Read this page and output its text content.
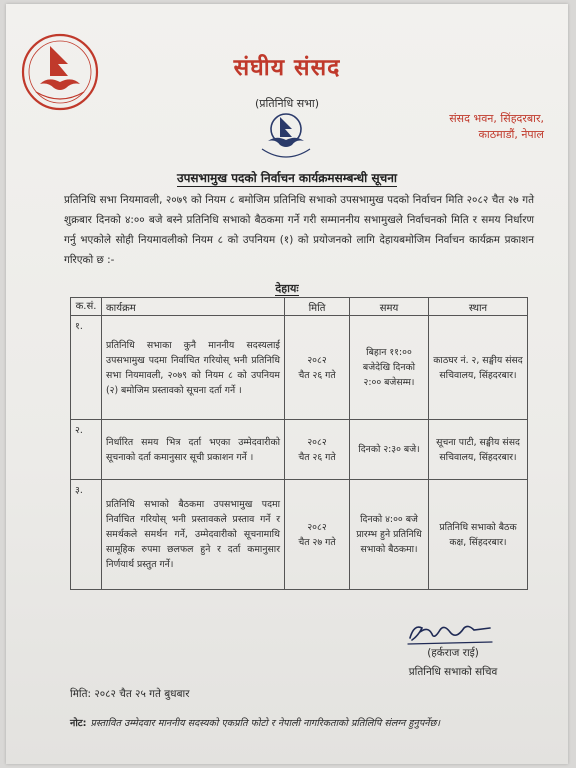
संघीय संसद
(प्रतिनिधि सभा)
संसद भवन, सिंहदरबार,
काठमाडौं, नेपाल
उपसभामुख पदको निर्वाचन कार्यक्रमसम्बन्धी सूचना
प्रतिनिधि सभा नियमावली, २०७९ को नियम ८ बमोजिम प्रतिनिधि सभाको उपसभामुख पदको निर्वाचन मिति २०८२ चैत २७ गते शुक्रबार दिनको ४:०० बजे बस्ने प्रतिनिधि सभाको बैठकमा गर्ने गरी सम्माननीय सभामुखले निर्वाचनको मिति र समय निर्धारण गर्नु भएकोले सोही नियमावलीको नियम ८ को उपनियम (१) को प्रयोजनको लागि देहायबमोजिम निर्वाचन कार्यक्रम प्रकाशन गरिएको छ :-
देहायः
क.सं.	कार्यक्रम	मिति	समय	स्थान
१.	प्रतिनिधि सभाका कुनै माननीय सदस्यलाई उपसभामुख पदमा निर्वाचित गरियोस् भनी प्रतिनिधि सभा नियमावली, २०७९ को नियम ८ को उपनियम (२) बमोजिम प्रस्तावको सूचना दर्ता गर्ने ।	२०८२
चैत २६ गते	बिहान ११:०० बजेदेखि दिनको २:०० बजेसम्म।	काठघर नं. २, सङ्घीय संसद सचिवालय, सिंहदरबार।
२.	निर्धारित समय भित्र दर्ता भएका उम्मेदवारीको सूचनाको दर्ता कमानुसार सूची प्रकाशन गर्ने ।	२०८२
चैत २६ गते	दिनको २:३० बजे।	सूचना पाटी, सङ्घीय संसद सचिवालय, सिंहदरबार।
३.	प्रतिनिधि सभाको बैठकमा उपसभामुख पदमा निर्वाचित गरियोस् भनी प्रस्तावकले प्रस्ताव गर्ने र समर्थकले समर्थन गर्ने, उम्मेदवारीको सूचनामाथि सामूहिक रुपमा छलफल हुने र दर्ता कमानुसार निर्णयार्थ प्रस्तुत गर्ने।	२०८२
चैत २७ गते	दिनको ४:०० बजे प्रारम्भ हुने प्रतिनिधि सभाको बैठकमा।	प्रतिनिधि सभाको बैठक कक्ष, सिंहदरबार।
(हर्कराज राई)
प्रतिनिधि सभाको सचिव
मिति: २०८२ चैत २५ गते बुधबार
नोट: प्रस्तावित उम्मेदवार माननीय सदस्यको एकप्रति फोटो र नेपाली नागरिकताको प्रतिलिपि संलग्न हुनुपर्नेछ।
